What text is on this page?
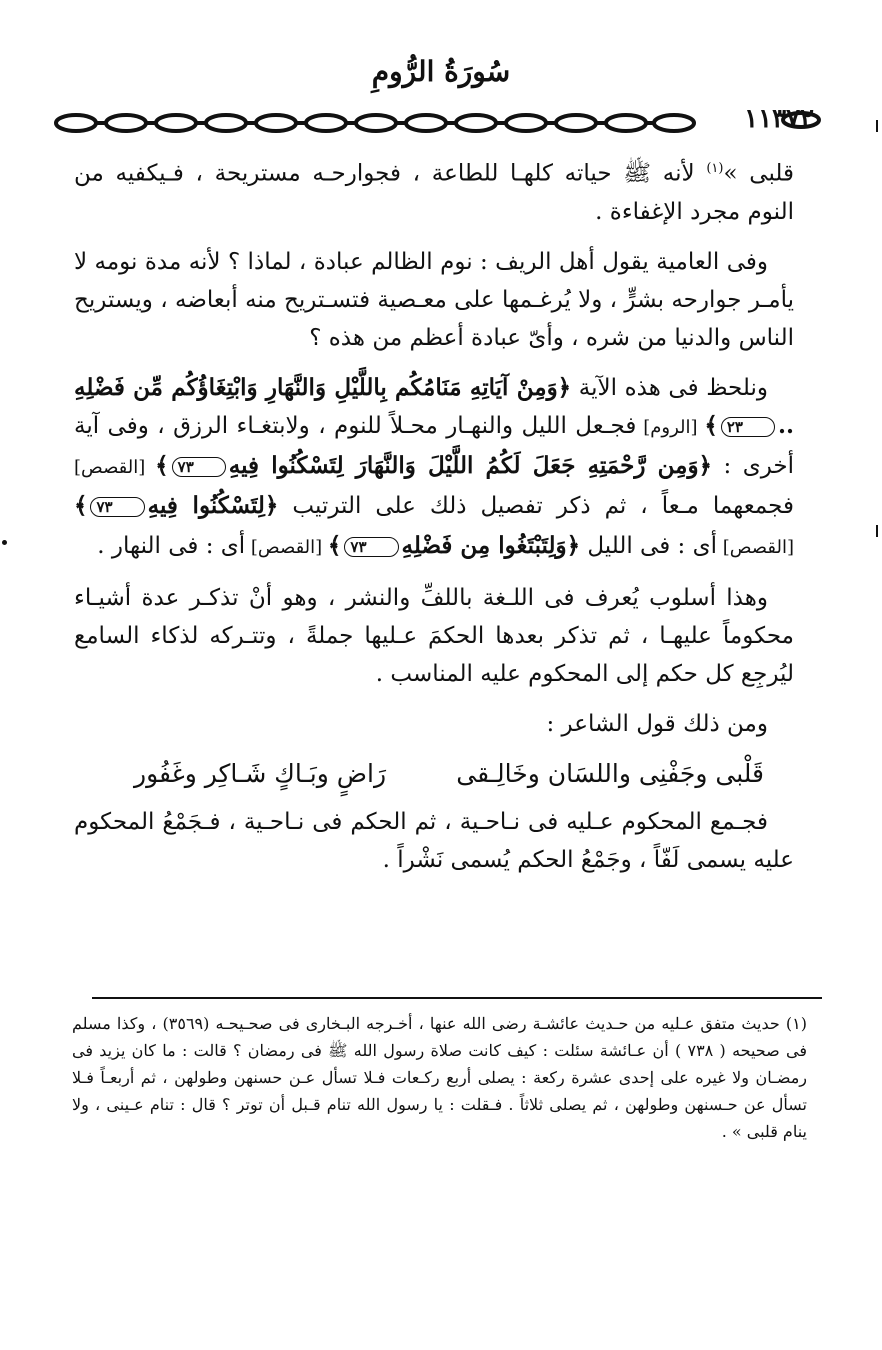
سُورَةُ الرُّومِ
١١٣٧٢

قلبى »$^{(١)}$ لأنه ﷺ حياته كلهـا للطاعة ، فجوارحـه مستريحة ، فـيكفيه من النوم مجرد الإغفاءة .

وفى العامية يقول أهل الريف : نوم الظالم عبادة ، لماذا ؟ لأنه مدة نومه لا يأمـر جوارحه بشرٍّ ، ولا يُرغـمها على معـصية فتسـتريح منه أبعاضه ، ويستريح الناس والدنيا من شره ، وأىّ عبادة أعظم من هذه ؟

ونلحظ فى هذه الآية ﴿وَمِنْ آيَاتِهِ مَنَامُكُم بِاللَّيْلِ وَالنَّهَارِ وَابْتِغَاؤُكُم مِّن فَضْلِهِ ..٢٣﴾ [الروم] فجـعل الليل والنهـار محـلاً للنوم ، ولابتغـاء الرزق ، وفى آية أخرى : ﴿وَمِن رَّحْمَتِهِ جَعَلَ لَكُمُ اللَّيْلَ وَالنَّهَارَ لِتَسْكُنُوا فِيهِ٧٣﴾ [القصص] فجمعهما مـعاً ، ثم ذكر تفصيل ذلك على الترتيب ﴿لِتَسْكُنُوا فِيهِ٧٣﴾ [القصص] أى : فى الليل ﴿وَلِتَبْتَغُوا مِن فَضْلِهِ٧٣﴾ [القصص] أى : فى النهار .

وهذا أسلوب يُعرف فى اللـغة باللفِّ والنشر ، وهو أنْ تذكـر عدة أشيـاء محكوماً عليهـا ، ثم تذكر بعدها الحكمَ عـليها جملةً ، وتتـركه لذكاء السامع ليُرجِع كل حكم إلى المحكوم عليه المناسب .

ومن ذلك قول الشاعر :

قَلْبى وجَفْنِى واللسَان وخَالِـقى
رَاضٍ وبَـاكٍ شَـاكِر وغَفُور

فجـمع المحكوم عـليه فى نـاحـية ، ثم الحكم فى نـاحـية ، فـجَمْعُ المحكوم عليه يسمى لَفّاً ، وجَمْعُ الحكم يُسمى نَشْراً .

(١) حديث متفق عـليه من حـديث عائشـة رضى الله عنها ، أخـرجه البـخارى فى صحـيحـه (٣٥٦٩) ، وكذا مسلم فى صحيحه ( ٧٣٨ ) أن عـائشة سئلت : كيف كانت صلاة رسول الله ﷺ فى رمضان ؟ قالت : ما كان يزيد فى رمضـان ولا غيره على إحدى عشرة ركعة : يصلى أربع ركـعات فـلا تسأل عـن حسنهن وطولهن ، ثم أربعـاً فـلا تسأل عن حـسنهن وطولهن ، ثم يصلى ثلاثاً . فـقلت : يا رسول الله تنام قـبل أن توتر ؟ قال : تنام عـينى ، ولا ينام قلبى » .
